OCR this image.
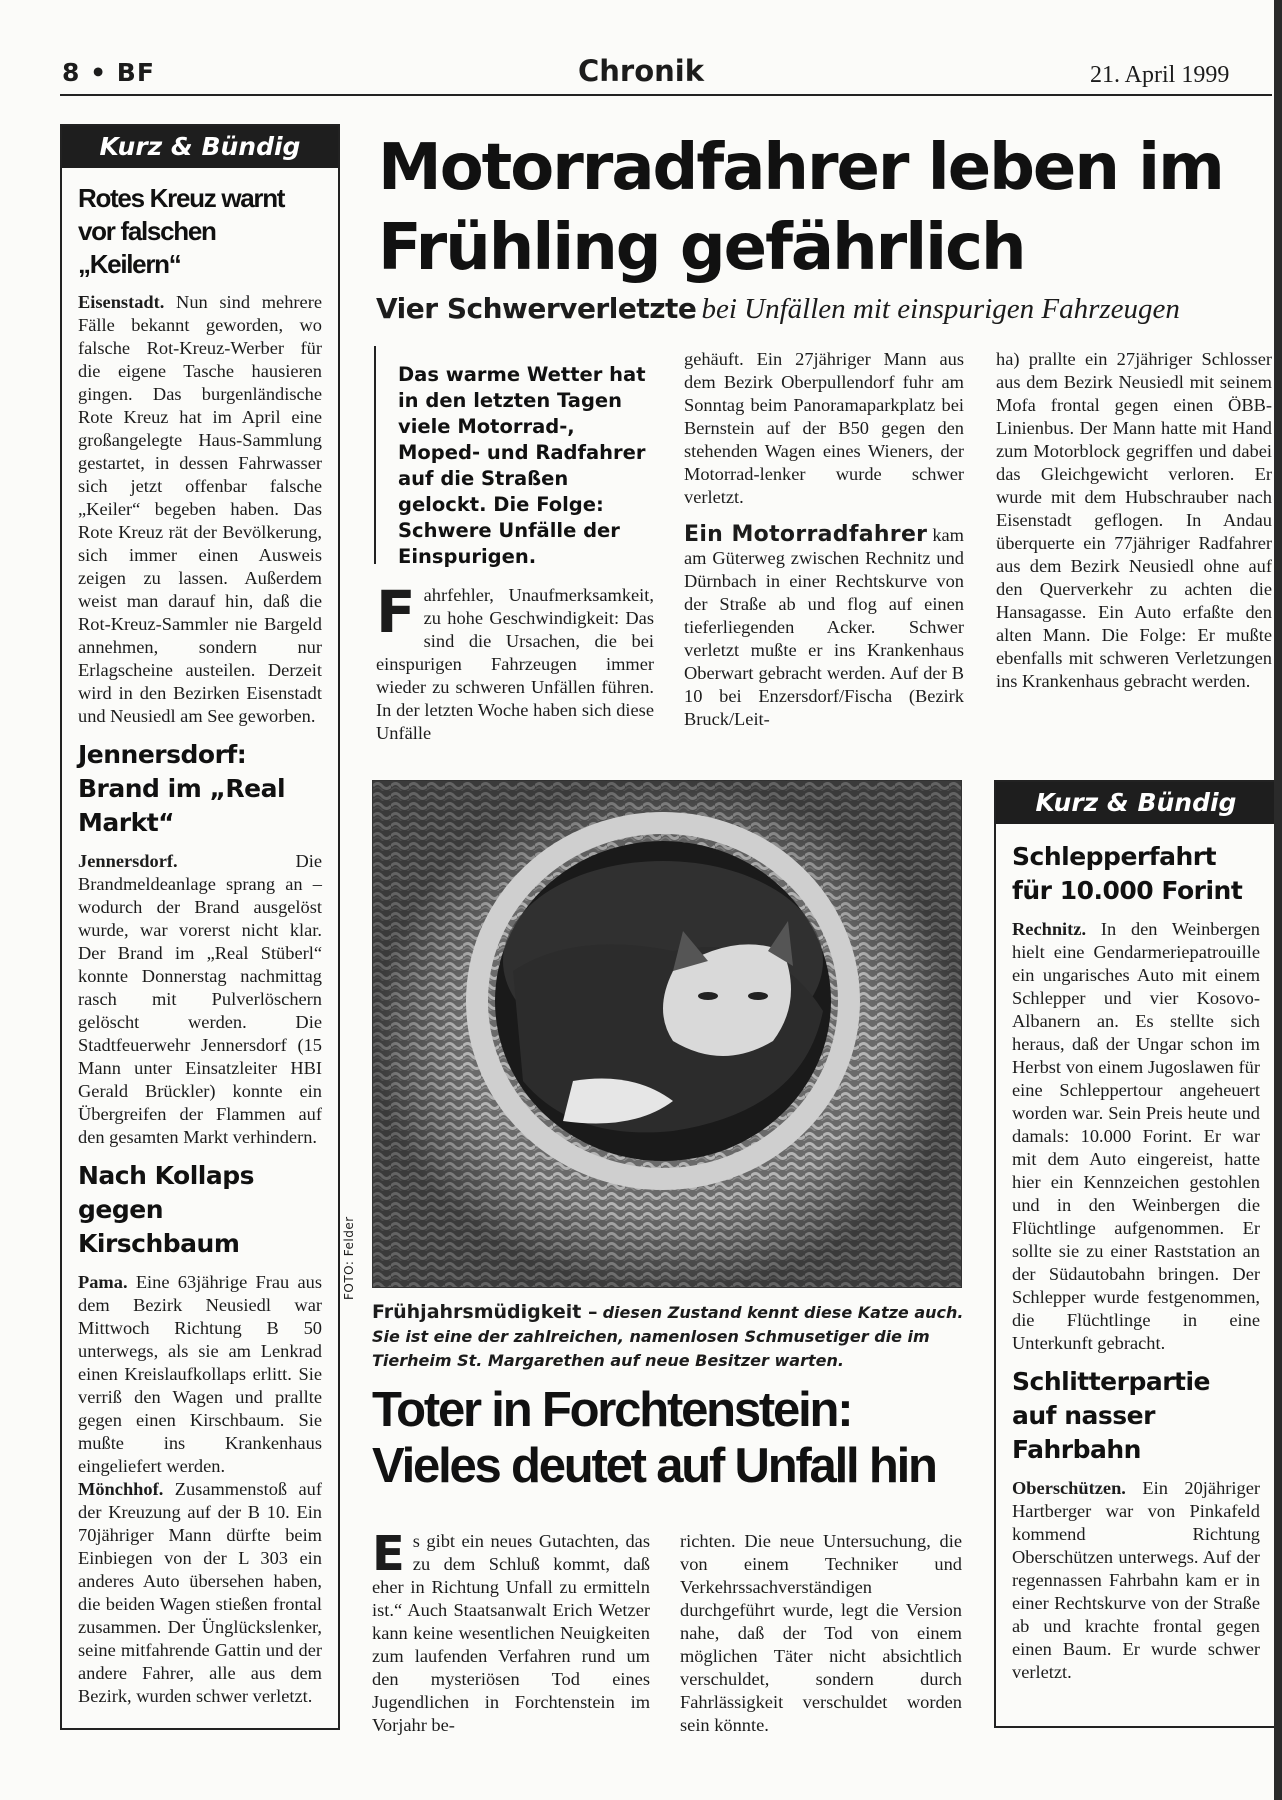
8 • BF	Chronik	21. April 1999
Kurz & Bündig
Rotes Kreuz warnt vor falschen „Keilern“

Eisenstadt. Nun sind mehrere Fälle bekannt geworden, wo falsche Rot-Kreuz-Werber für die eigene Tasche hausieren gingen. Das burgenländische Rote Kreuz hat im April eine großangelegte Haus-Sammlung gestartet, in dessen Fahrwasser sich jetzt offenbar falsche „Keiler“ begeben haben. Das Rote Kreuz rät der Bevölkerung, sich immer einen Ausweis zeigen zu lassen. Außerdem weist man darauf hin, daß die Rot-Kreuz-Sammler nie Bargeld annehmen, sondern nur Erlagscheine austeilen. Derzeit wird in den Bezirken Eisenstadt und Neusiedl am See geworben.

Jennersdorf: Brand im „Real Markt“

Jennersdorf.	Die Brandmeldeanlage sprang an – wodurch der Brand ausgelöst wurde, war vorerst nicht klar. Der Brand im „Real Stüberl“ konnte Donnerstag nachmittag rasch mit Pulverlöschern gelöscht werden. Die Stadtfeuerwehr Jennersdorf (15 Mann unter Einsatzleiter HBI Gerald Brückler) konnte ein Übergreifen der Flammen auf den gesamten Markt verhindern.

Nach Kollaps gegen Kirschbaum

Pama. Eine 63jährige Frau aus dem Bezirk Neusiedl war Mittwoch Richtung B 50 unterwegs, als sie am Lenkrad einen Kreislaufkollaps erlitt. Sie verriß den Wagen und prallte gegen einen Kirschbaum. Sie mußte ins Krankenhaus eingeliefert werden.

Mönchhof. Zusammenstoß auf der Kreuzung auf der B 10. Ein 70jähriger Mann dürfte beim Einbiegen von der L 303 ein anderes Auto übersehen haben, die beiden Wagen stießen frontal zusammen. Der Ünglückslenker, seine mitfahrende Gattin und der andere Fahrer, alle aus dem Bezirk, wurden schwer verletzt.

Motorradfahrer leben im
Frühling gefährlich
Vier Schwerverletzte bei Unfällen mit einspurigen Fahrzeugen
Das warme Wetter hat in den letzten Tagen viele Motorrad-, Moped- und Radfahrer auf die Straßen gelockt. Die Folge: Schwere Unfälle der Einspurigen.
Fahrfehler, Unaufmerksamkeit, zu hohe Geschwindigkeit: Das sind die Ursachen, die bei einspurigen Fahrzeugen immer wieder zu schweren Unfällen führen. In der letzten Woche haben sich diese Unfälle
gehäuft. Ein 27jähriger Mann aus dem Bezirk Oberpullendorf fuhr am Sonntag beim Panoramaparkplatz bei Bernstein auf der B50 gegen den stehenden Wagen eines Wieners, der Motorrad-lenker wurde schwer verletzt.
Ein Motorradfahrer kam am Güterweg zwischen Rechnitz und Dürnbach in einer Rechtskurve von der Straße ab und flog auf einen tieferliegenden Acker. Schwer verletzt mußte er ins Krankenhaus Oberwart gebracht werden. Auf der B 10 bei Enzersdorf/Fischa (Bezirk Bruck/Leit-
ha) prallte ein 27jähriger Schlosser aus dem Bezirk Neusiedl mit seinem Mofa frontal gegen einen ÖBB-Linienbus. Der Mann hatte mit Hand zum Motorblock gegriffen und dabei das Gleichgewicht verloren. Er wurde mit dem Hubschrauber nach Eisenstadt geflogen. In Andau überquerte ein 77jähriger Radfahrer aus dem Bezirk Neusiedl ohne auf den Querverkehr zu achten die Hansagasse. Ein Auto erfaßte den alten Mann. Die Folge: Er mußte ebenfalls mit schweren Verletzungen ins Krankenhaus gebracht werden.
FOTO: Felder
Frühjahrsmüdigkeit – diesen Zustand kennt diese Katze auch. Sie ist eine der zahlreichen, namenlosen Schmusetiger die im Tierheim St. Margarethen auf neue Besitzer warten.
Toter in Forchtenstein:
Vieles deutet auf Unfall hin
Es gibt ein neues Gutachten, das zu dem Schluß kommt, daß eher in Richtung Unfall zu ermitteln ist.“ Auch Staatsanwalt Erich Wetzer kann keine wesentlichen Neuigkeiten zum laufenden Verfahren rund um den mysteriösen Tod eines Jugendlichen in Forchtenstein im Vorjahr be-
richten. Die neue Untersuchung, die von einem Techniker und Verkehrssachverständigen durchgeführt wurde, legt die Version nahe, daß der Tod von einem möglichen Täter nicht absichtlich verschuldet, sondern durch Fahrlässigkeit verschuldet worden sein könnte.
Kurz & Bündig
Schlepperfahrt für 10.000 Forint

Rechnitz. In den Weinbergen hielt eine Gendarmeriepatrouille ein ungarisches Auto mit einem Schlepper und vier Kosovo-Albanern an. Es stellte sich heraus, daß der Ungar schon im Herbst von einem Jugoslawen für eine Schleppertour angeheuert worden war. Sein Preis heute und damals: 10.000 Forint. Er war mit dem Auto eingereist, hatte hier ein Kennzeichen gestohlen und in den Weinbergen die Flüchtlinge aufgenommen. Er sollte sie zu einer Raststation an der Südautobahn bringen. Der Schlepper wurde festgenommen, die Flüchtlinge in eine Unterkunft gebracht.

Schlitterpartie auf nasser Fahrbahn

Oberschützen. Ein 20jähriger Hartberger war von Pinkafeld kommend Richtung Oberschützen unterwegs. Auf der regennassen Fahrbahn kam er in einer Rechtskurve von der Straße ab und krachte frontal gegen einen Baum. Er wurde schwer verletzt.
